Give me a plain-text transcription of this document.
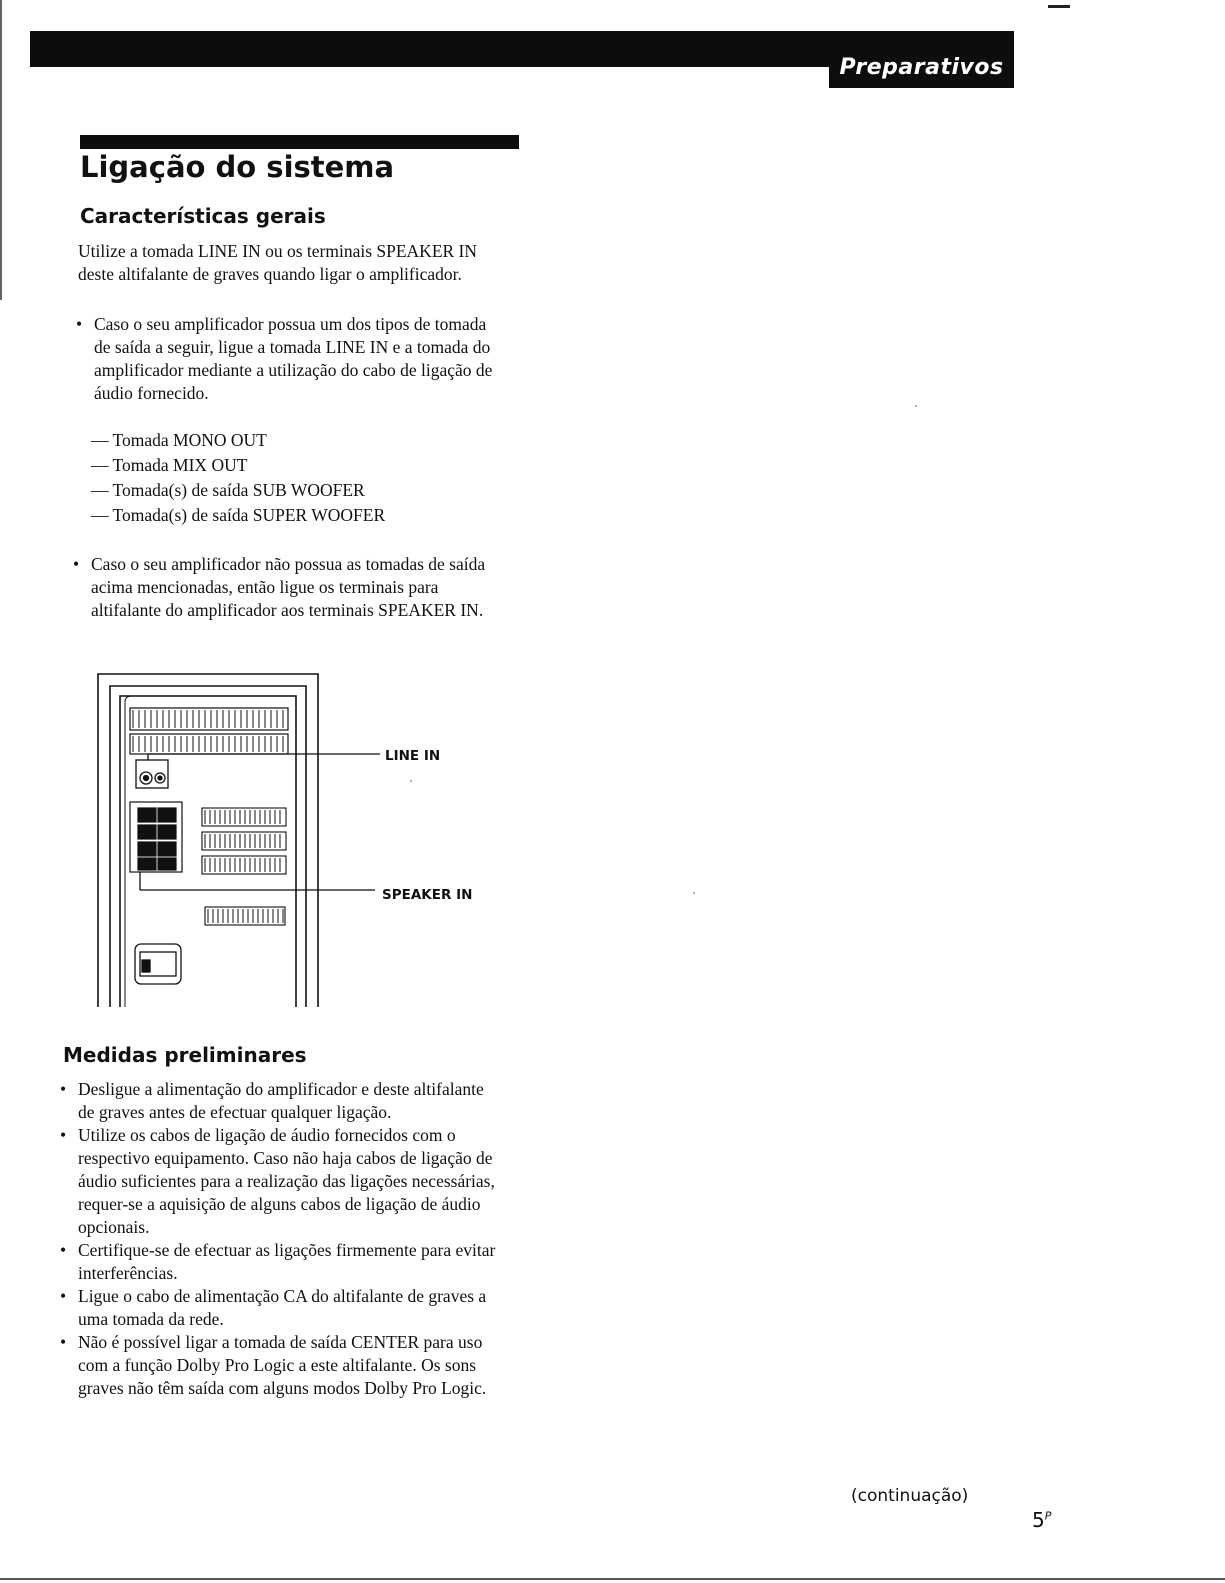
Preparativos
Ligação do sistema
Características gerais

Utilize a tomada LINE IN ou os terminais SPEAKER IN deste altifalante de graves quando ligar o amplificador.

• Caso o seu amplificador possua um dos tipos de tomada de saída a seguir, ligue a tomada LINE IN e a tomada do amplificador mediante a utilização do cabo de ligação de áudio fornecido.

— Tomada MONO OUT
— Tomada MIX OUT
— Tomada(s) de saída SUB WOOFER
— Tomada(s) de saída SUPER WOOFER

• Caso o seu amplificador não possua as tomadas de saída acima mencionadas, então ligue os terminais para altifalante do amplificador aos terminais SPEAKER IN.

LINE IN
SPEAKER IN
Medidas preliminares

• Desligue a alimentação do amplificador e deste altifalante de graves antes de efectuar qualquer ligação.

• Utilize os cabos de ligação de áudio fornecidos com o respectivo equipamento. Caso não haja cabos de ligação de áudio suficientes para a realização das ligações necessárias, requer-se a aquisição de alguns cabos de ligação de áudio opcionais.

• Certifique-se de efectuar as ligações firmemente para evitar interferências.

• Ligue o cabo de alimentação CA do altifalante de graves a uma tomada da rede.

• Não é possível ligar a tomada de saída CENTER para uso com a função Dolby Pro Logic a este altifalante. Os sons graves não têm saída com alguns modos Dolby Pro Logic.

(continuação)

$5^P$
